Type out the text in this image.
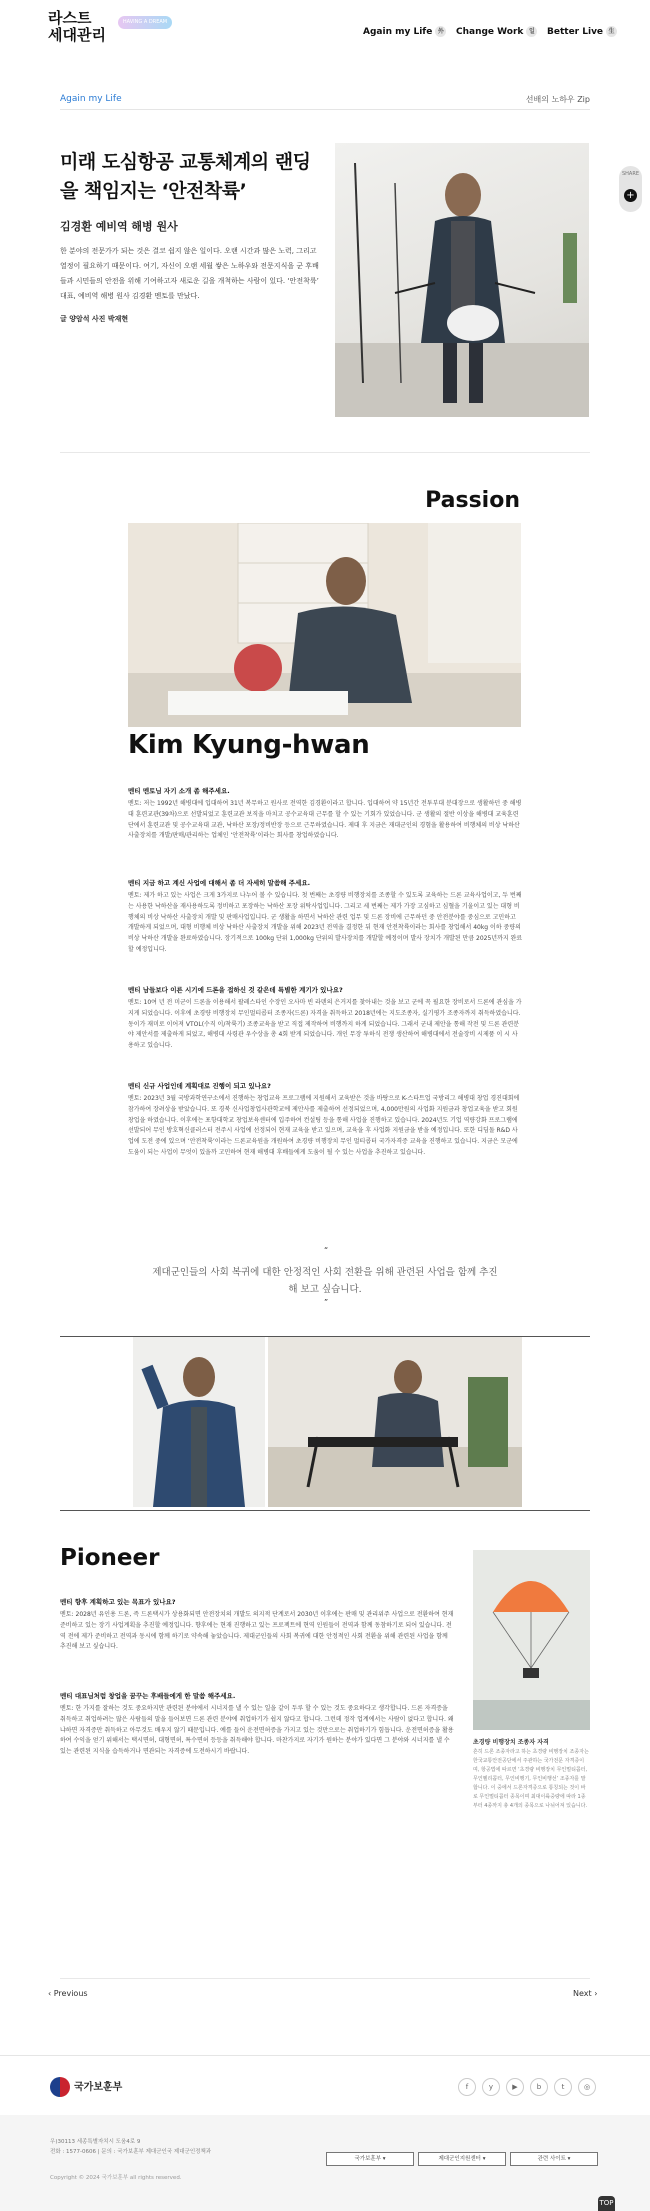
라스트
세대관리
HAVING A DREAM MAGAZINE	Again my Life 外 Change Work 일 Better Live 生
Again my Life	선배의 노하우 Zip
SHARE
+
미래 도심항공 교통체계의 랜딩을 책임지는 ‘안전착륙’
김경환 예비역 해병 원사

한 분야의 전문가가 되는 것은 결코 쉽지 않은 일이다. 오랜 시간과 많은 노력, 그리고 열정이 필요하기 때문이다. 여기, 자신이 오랜 세월 쌓은 노하우와 전문지식을 군 후배들과 시민들의 안전을 위해 기여하고자 새로운 길을 개척하는 사람이 있다. ‘안전착륙’ 대표, 예비역 해병 원사 김경환 멘토를 만났다.

글 양암석 사진 박재현
Passion
Kim Kyung-hwan
멘티 멘토님 자기 소개 좀 해주세요.

멘토: 저는 1992년 해병대에 입대하여 31년 복무하고 원사로 전역한 김경환이라고 합니다. 입대하여 약 15년간 전투부대 분대장으로 생활하던 중 해병대 훈련교관(39차)으로 선발되었고 훈련교관 보직을 마치고 공수교육대 근무를 할 수 있는 기회가 있었습니다. 군 생활의 절반 이상을 해병대 교육훈련단에서 훈련교관 및 공수교육대 교관, 낙하산 포장/정비반장 등으로 근무하였습니다. 제대 후 지금은 재대군인의 경험을 활용하여 비행체의 비상 낙하산 사출장치를 개발/판매/관리하는 업체인 ‘안전착륙’이라는 회사를 창업하였습니다.

멘티 지금 하고 계신 사업에 대해서 좀 더 자세히 말씀해 주세요.

멘토: 제가 하고 있는 사업은 크게 3가지로 나누어 볼 수 있습니다. 첫 번째는 초경량 비행장치를 조종할 수 있도록 교육하는 드론 교육사업이고, 두 번째는 사용한 낙하산을 재사용하도록 정비하고 포장하는 낙하산 포장 위탁사업입니다. 그리고 세 번째는 제가 가장 고심하고 심혈을 기울이고 있는 대형 비행체의 비상 낙하산 사출장치 개발 및 판매사업입니다. 군 생활을 하면서 낙하산 관련 업무 및 드론 장비에 근무하던 중 안전분야를 중심으로 고민하고 개발하게 되었으며, 대형 비행체 비상 낙하산 사출장치 개발을 위해 2023년 전역을 결정한 뒤 현재 안전착륙이라는 회사를 창업해서 40kg 이하 중량의 비상 낙하산 개발을 완료하였습니다. 장기적으로 100kg 단위 1,000kg 단위의 발사장치를 개발할 예정이며 발사 장치가 개발된 만큼 2025년까지 완료할 예정입니다.

멘티 남들보다 이른 시기에 드론을 접하신 것 같은데 특별한 계기가 있나요?

멘토: 10여 년 전 미군이 드론을 이용해서 팔레스타인 수장인 오사마 빈 라덴의 은거지를 찾아내는 것을 보고 군에 꼭 필요한 장비로서 드론에 관심을 가지게 되었습니다. 이후에 초경량 비행장치 무인멀티콥터 조종자(드론) 자격을 취득하고 2018년에는 지도조종자, 실기평가 조종자까지 취득하였습니다. 동이가 재미로 이어져 VTOL(수직 이/착륙기) 조종교육을 받고 직접 제작하여 비행까지 하게 되었습니다. 그래서 군내 제안을 통해 작전 및 드론 관련분야 제안서를 제출하게 되었고, 해병대 사령관 우수상을 총 4회 받게 되었습니다. 개인 무장 투하식 전쟁 생산하여 해병대에서 전술장비 시제품 이 시 사용하고 있습니다.

멘티 신규 사업인데 계획대로 진행이 되고 있나요?

멘토: 2023년 3월 국방과학연구소에서 진행하는 창업교육 프로그램에 지원해서 교육받은 것을 바탕으로 K-스타트업 국방리그 해병대 창업 경진대회에 참가하여 장려상을 받았습니다. 또 경북 신사업창업사관학교에 제안사를 제출하여 선정되었으며, 4,000만원의 사업화 지원금과 창업교육을 받고 회원 창업을 하였습니다. 이후에는 포항대학교 창업보육센터에 입주하여 컨설팅 등을 통해 사업을 진행하고 있습니다. 2024년도 기업 역량강화 프로그램에 선발되어 무인 방호혁신클러스터 전주시 사업에 선정되어 현재 교육을 받고 있으며, 교육을 후 사업화 지원금을 받을 예정입니다. 또한 디딤돌 R&D 사업에 도전 중에 있으며 ‘안전착륙’이라는 드론교육원을 개원하여 초경량 비행장치 무인 멀티콥터 국가자격증 교육을 진행하고 있습니다. 지금은 모군에 도움이 되는 사업이 무엇이 있을까 고민하여 현재 해병대 후배들에게 도움이 될 수 있는 사업을 추진하고 있습니다.

“

제대군인들의 사회 복귀에 대한 안정적인 사회 전환을 위해 관련된 사업을 함께 추진해 보고 싶습니다.

”
Pioneer
멘티 향후 계획하고 있는 목표가 있나요?

멘토: 2028년 유인용 드론, 즉 드론택시가 상용화되면 안전장치의 개발도 의지적 단계로서 2030년 이후에는 판매 및 관리위주 사업으로 전환하여 현재 준비하고 있는 장기 사업계획을 추진할 예정입니다. 향후에는 현재 진행하고 있는 프로젝트에 현역 인원들이 전역과 함께 동참하기로 되어 있습니다. 전역 전에 제가 준비하고 전역과 동시에 함께 하기로 약속해 놓았습니다. 제대군인들의 사회 복귀에 대한 안정적인 사회 전환을 위해 관련된 사업을 함께 추진해 보고 싶습니다.

멘티 대표님처럼 창업을 꿈꾸는 후배들에게 한 말씀 해주세요.

멘토: 한 가지를 잘하는 것도 중요하지만 관련된 분야에서 시너지를 낼 수 있는 일을 같이 두루 할 수 있는 것도 중요하다고 생각합니다. 드론 자격증을 취득하고 취업하려는 많은 사람들의 말을 들어보면 드론 관련 분야에 취업하기가 쉽지 않다고 합니다. 그런데 정작 업계에서는 사람이 없다고 합니다. 왜냐하면 자격증만 취득하고 아무것도 배우지 않기 때문입니다. 예를 들어 운전면허증을 가지고 있는 것만으로는 취업하기가 힘듭니다. 운전면허증을 활용하여 수익을 얻기 위해서는 택시면허, 대형면허, 특수면허 등등을 취득해야 합니다. 마찬가지로 자기가 원하는 분야가 있다면 그 분야와 시너지를 낼 수 있는 관련된 지식을 습득하거나 면관되는 자격증에 도전하시기 바랍니다.

초경량 비행장치 조종자 자격

흔히 드론 조종자라고 하는 초경량 비행장치 조종자는 한국교통안전공단에서 주관하는 국가전문 자격증이며, 항공법에 따르면 ‘초경량 비행장치 무인멀티콥터, 무인헬리콥터, 무인비행기, 무인비행선’ 조종자를 말합니다. 이 중에서 드론자격증으로 통칭되는 것이 바로 무인멀티콥터 종목이며 최대이륙중량에 따라 1종부터 4종까지 총 4개의 종목으로 나뉘어져 있습니다.

‹ Previous	Next ›
국가보훈부	f	y	▶	b	t	◎
우)30113 세종특별자치시 도움4로 9
전화 : 1577-0606 | 문의 : 국가보훈부 제대군인국 제대군인정책과
국가보훈부 ▾	제대군인지원센터 ▾	관련 사이트 ▾
Copyright © 2024 국가보훈부 all rights reserved.
TOP
